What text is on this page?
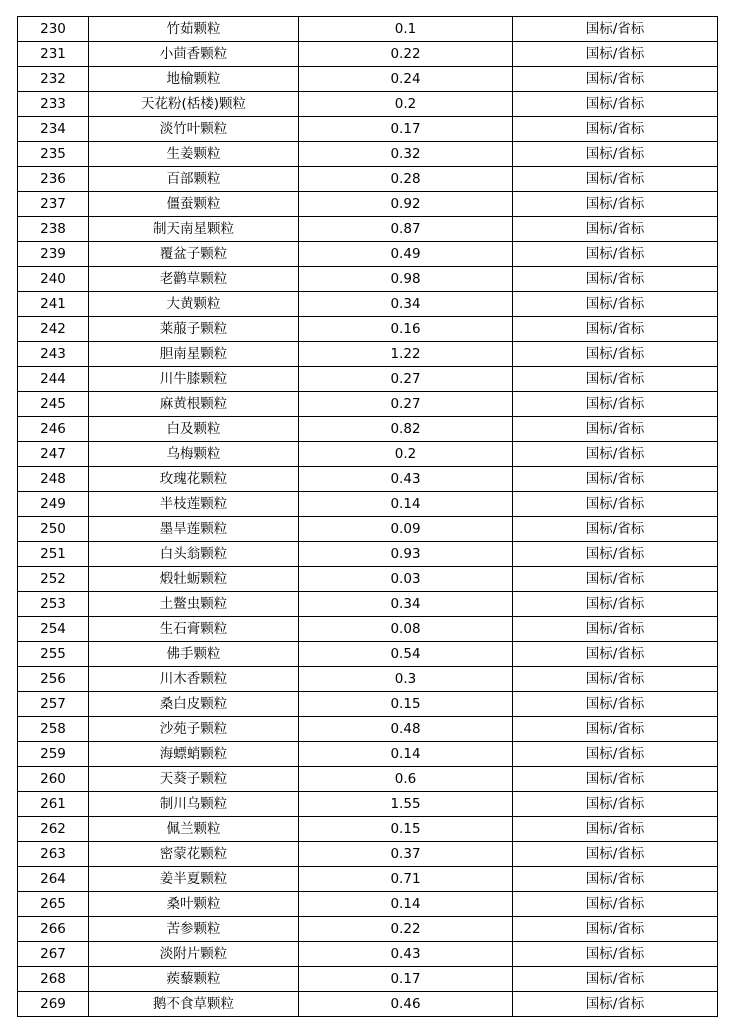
230	竹茹颗粒	0.1	国标/省标
231	小茴香颗粒	0.22	国标/省标
232	地榆颗粒	0.24	国标/省标
233	天花粉(栝楼)颗粒	0.2	国标/省标
234	淡竹叶颗粒	0.17	国标/省标
235	生姜颗粒	0.32	国标/省标
236	百部颗粒	0.28	国标/省标
237	僵蚕颗粒	0.92	国标/省标
238	制天南星颗粒	0.87	国标/省标
239	覆盆子颗粒	0.49	国标/省标
240	老鹳草颗粒	0.98	国标/省标
241	大黄颗粒	0.34	国标/省标
242	莱菔子颗粒	0.16	国标/省标
243	胆南星颗粒	1.22	国标/省标
244	川牛膝颗粒	0.27	国标/省标
245	麻黄根颗粒	0.27	国标/省标
246	白及颗粒	0.82	国标/省标
247	乌梅颗粒	0.2	国标/省标
248	玫瑰花颗粒	0.43	国标/省标
249	半枝莲颗粒	0.14	国标/省标
250	墨旱莲颗粒	0.09	国标/省标
251	白头翁颗粒	0.93	国标/省标
252	煅牡蛎颗粒	0.03	国标/省标
253	土鳖虫颗粒	0.34	国标/省标
254	生石膏颗粒	0.08	国标/省标
255	佛手颗粒	0.54	国标/省标
256	川木香颗粒	0.3	国标/省标
257	桑白皮颗粒	0.15	国标/省标
258	沙苑子颗粒	0.48	国标/省标
259	海螵蛸颗粒	0.14	国标/省标
260	天葵子颗粒	0.6	国标/省标
261	制川乌颗粒	1.55	国标/省标
262	佩兰颗粒	0.15	国标/省标
263	密蒙花颗粒	0.37	国标/省标
264	姜半夏颗粒	0.71	国标/省标
265	桑叶颗粒	0.14	国标/省标
266	苦参颗粒	0.22	国标/省标
267	淡附片颗粒	0.43	国标/省标
268	蒺藜颗粒	0.17	国标/省标
269	鹅不食草颗粒	0.46	国标/省标
